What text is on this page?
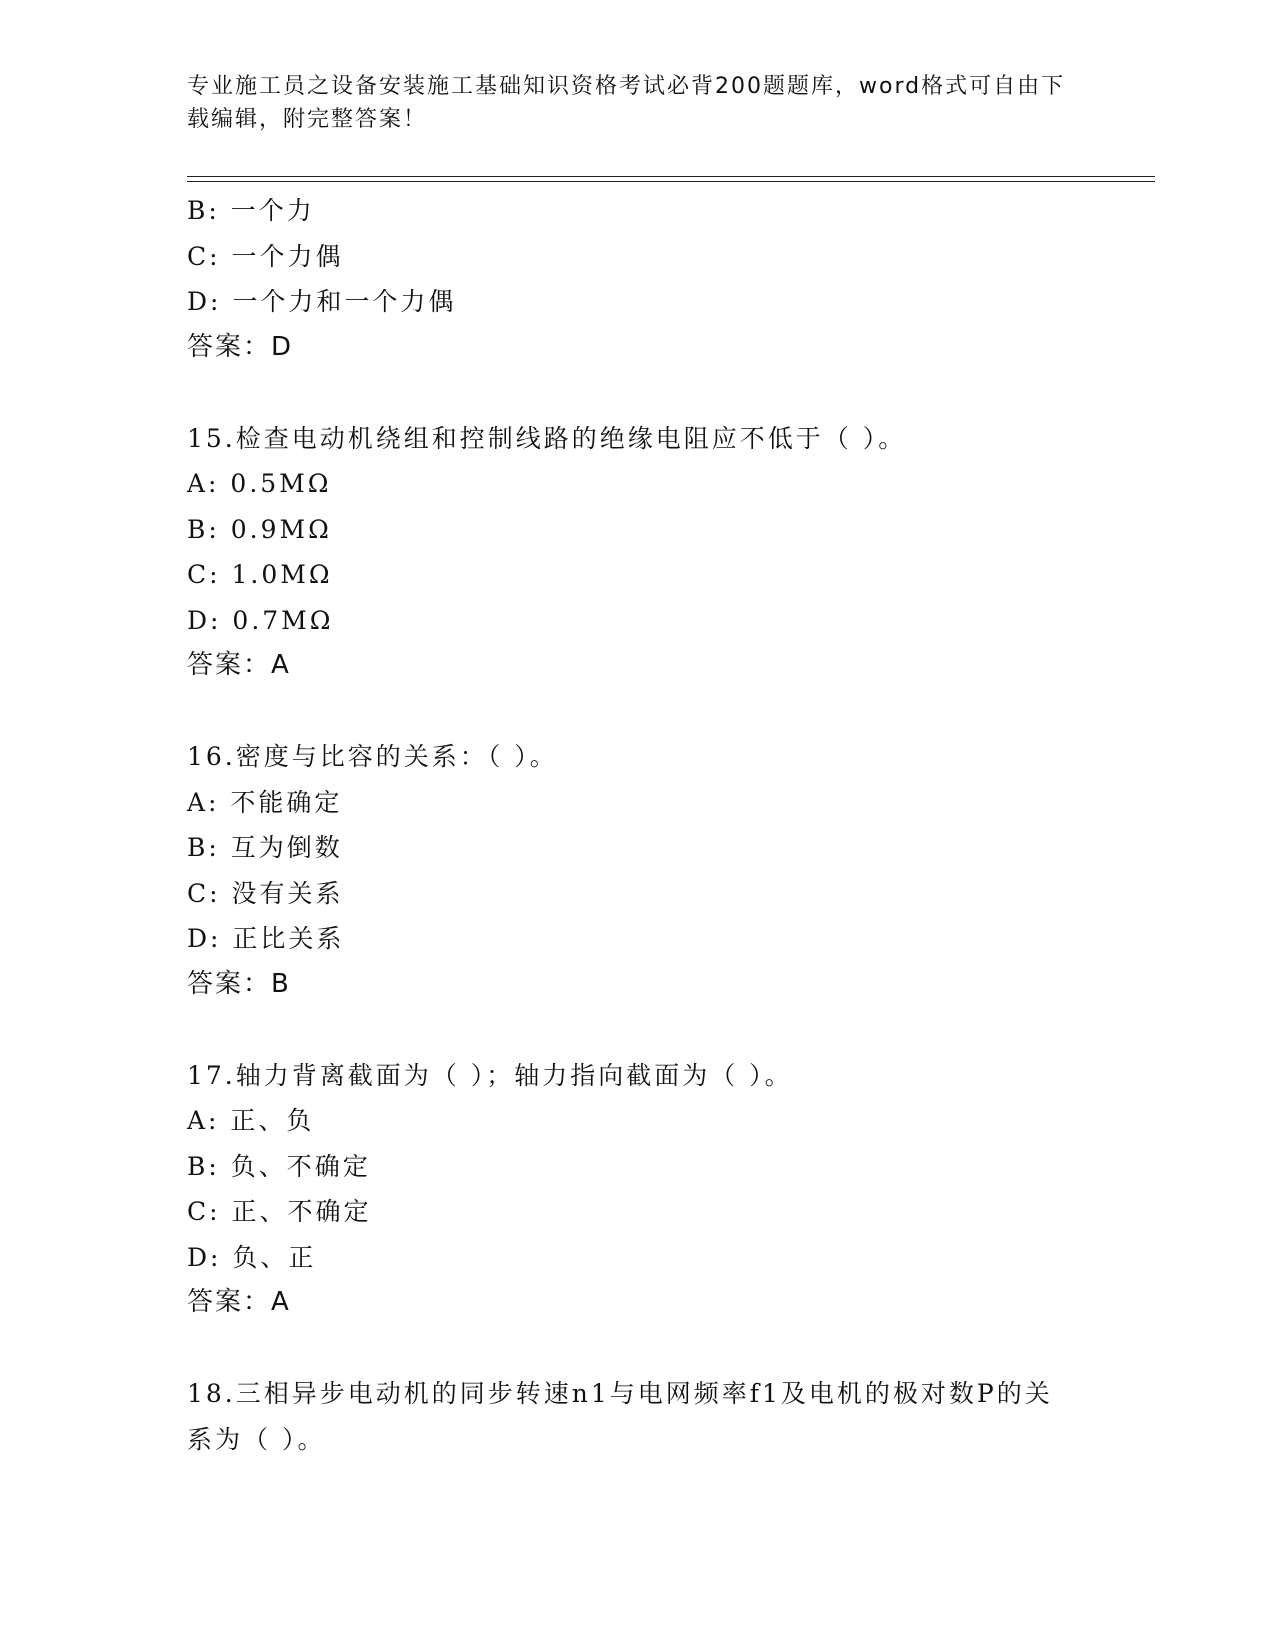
专业施工员之设备安装施工基础知识资格考试必背200题题库，word格式可自由下载编辑，附完整答案！
B: 一个力
C: 一个力偶
D: 一个力和一个力偶
答案：D
15.检查电动机绕组和控制线路的绝缘电阻应不低于（ ）。
A: 0.5MΩ
B: 0.9MΩ
C: 1.0MΩ
D: 0.7MΩ
答案：A
16.密度与比容的关系：（ ）。
A: 不能确定
B: 互为倒数
C: 没有关系
D: 正比关系
答案：B
17.轴力背离截面为（ ）；轴力指向截面为（ ）。
A: 正、负
B: 负、不确定
C: 正、不确定
D: 负、正
答案：A
18.三相异步电动机的同步转速n1与电网频率f1及电机的极对数P的关系为（ ）。
